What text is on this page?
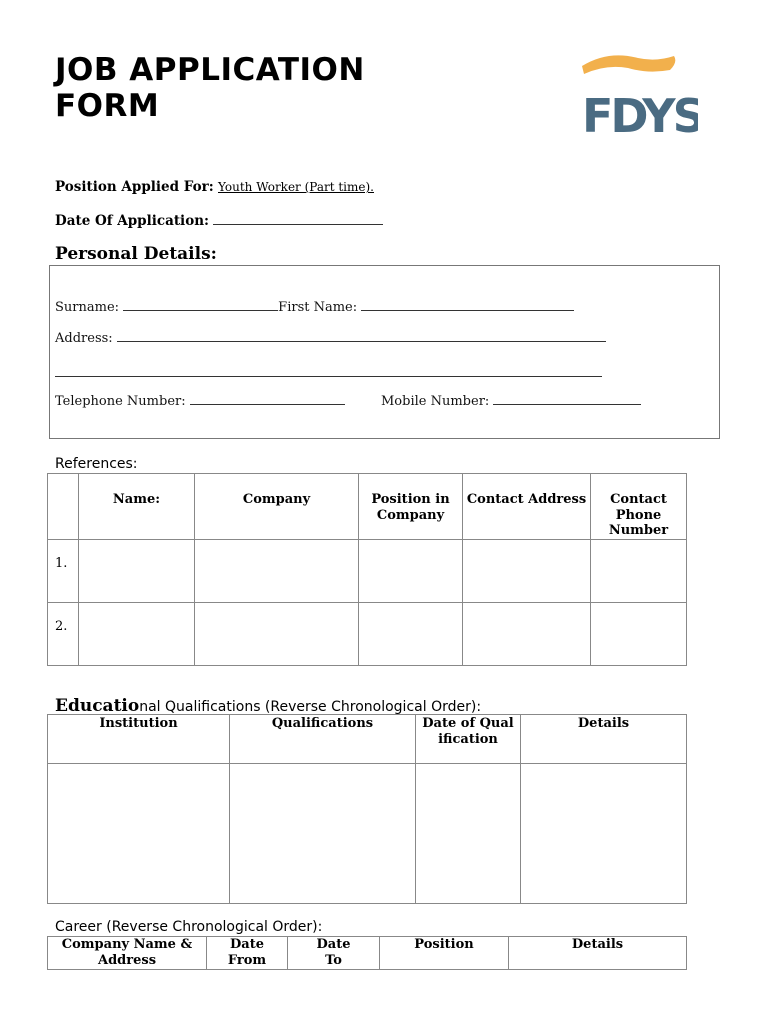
JOB APPLICATION
FORM	FDYS
Position Applied For: Youth Worker (Part time).
Date Of Application:
Personal Details:
Surname:	First Name:
Address:
Telephone Number:	Mobile Number:
References:
	Name:	Company	Position in Company	Contact Address	Contact Phone Number
1.					
2.					
Educational Qualifications (Reverse Chronological Order):
Institution	Qualifications	Date of Qualification	Details

Career (Reverse Chronological Order):
Company Name & Address	Date From	Date To	Position	Details
